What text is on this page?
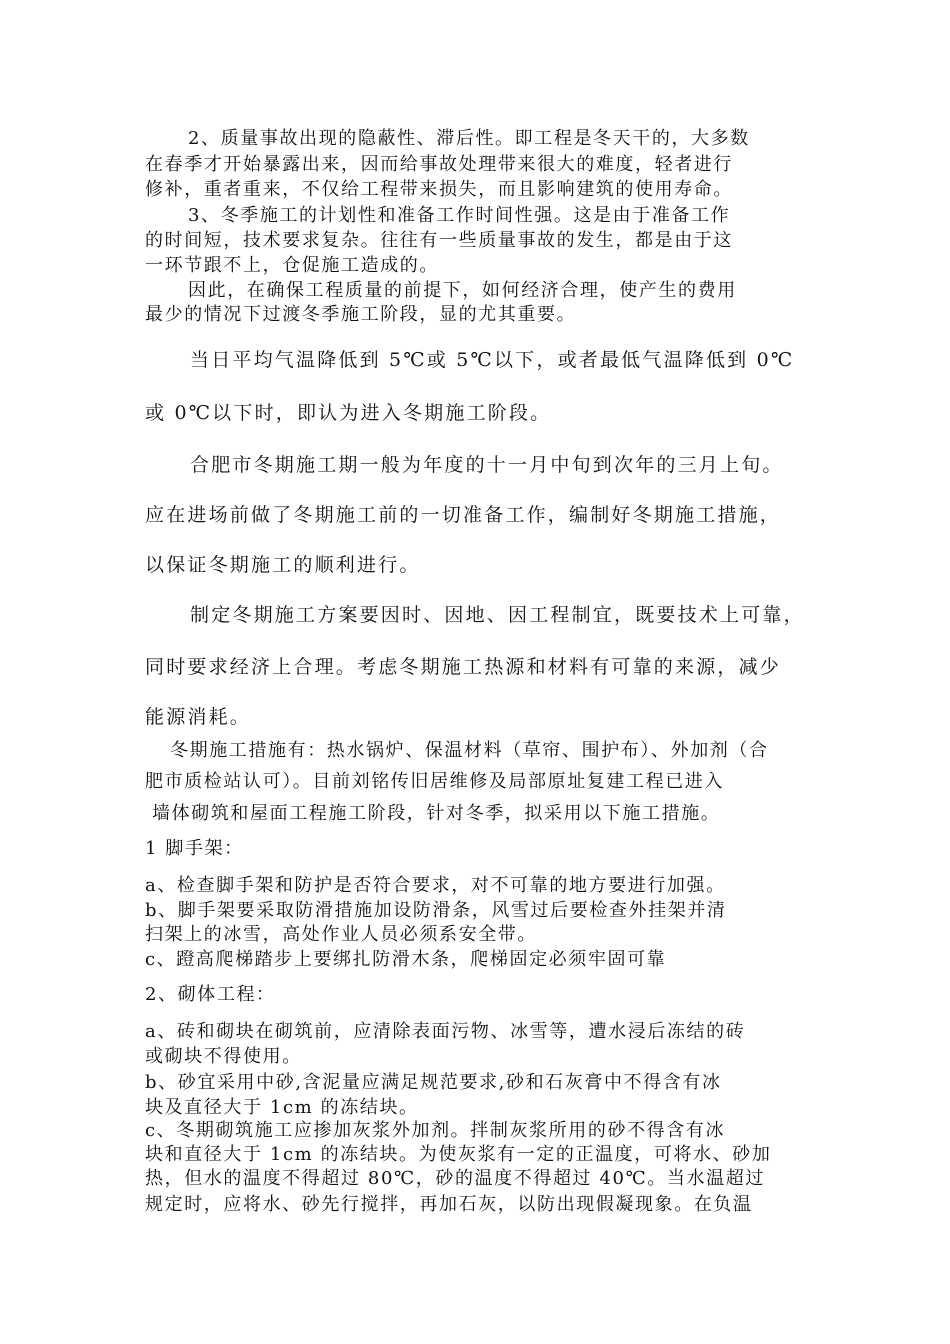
2、质量事故出现的隐蔽性、滞后性。即工程是冬天干的，大多数
在春季才开始暴露出来，因而给事故处理带来很大的难度，轻者进行
修补，重者重来，不仅给工程带来损失，而且影响建筑的使用寿命。
3、冬季施工的计划性和准备工作时间性强。这是由于准备工作
的时间短，技术要求复杂。往往有一些质量事故的发生，都是由于这
一环节跟不上，仓促施工造成的。
因此，在确保工程质量的前提下，如何经济合理，使产生的费用
最少的情况下过渡冬季施工阶段，显的尤其重要。
当日平均气温降低到 5℃或 5℃以下，或者最低气温降低到 0℃
或 0℃以下时，即认为进入冬期施工阶段。
合肥市冬期施工期一般为年度的十一月中旬到次年的三月上旬。
应在进场前做了冬期施工前的一切准备工作，编制好冬期施工措施，
以保证冬期施工的顺利进行。
制定冬期施工方案要因时、因地、因工程制宜，既要技术上可靠，
同时要求经济上合理。考虑冬期施工热源和材料有可靠的来源，减少
能源消耗。
冬期施工措施有：热水锅炉、保温材料（草帘、围护布）、外加剂（合
肥市质检站认可）。目前刘铭传旧居维修及局部原址复建工程已进入
墙体砌筑和屋面工程施工阶段，针对冬季，拟采用以下施工措施。
1 脚手架：
a、检查脚手架和防护是否符合要求，对不可靠的地方要进行加强。
b、脚手架要采取防滑措施加设防滑条，风雪过后要检查外挂架并清
扫架上的冰雪，高处作业人员必须系安全带。
c、蹬高爬梯踏步上要绑扎防滑木条，爬梯固定必须牢固可靠
2、砌体工程：
a、砖和砌块在砌筑前，应清除表面污物、冰雪等，遭水浸后冻结的砖
或砌块不得使用。
b、砂宜采用中砂,含泥量应满足规范要求,砂和石灰膏中不得含有冰
块及直径大于 1cm 的冻结块。
c、冬期砌筑施工应掺加灰浆外加剂。拌制灰浆所用的砂不得含有冰
块和直径大于 1cm 的冻结块。为使灰浆有一定的正温度，可将水、砂加
热，但水的温度不得超过 80℃，砂的温度不得超过 40℃。当水温超过
规定时，应将水、砂先行搅拌，再加石灰，以防出现假凝现象。在负温
